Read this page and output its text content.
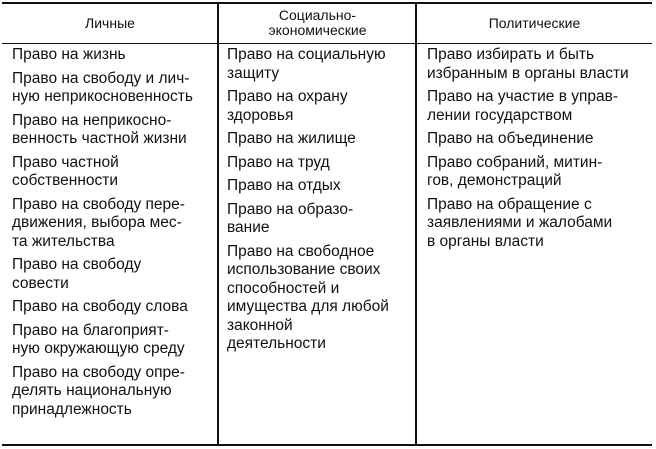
Личные	Социально-
экономические	Политические
Право на жизнь
Право на свободу и лич-
ную неприкосновенность
Право на неприкосно-
венность частной жизни
Право частной
собственности
Право на свободу пере-
движения, выбора мес-
та жительства
Право на свободу
совести
Право на свободу слова
Право на благоприят-
ную окружающую среду
Право на свободу опре-
делять национальную
принадлежность
Право на социальную
защиту
Право на охрану
здоровья
Право на жилище
Право на труд
Право на отдых
Право на образо-
вание
Право на свободное
использование своих
способностей и
имущества для любой
законной
деятельности
Право избирать и быть
избранным в органы власти
Право на участие в управ-
лении государством
Право на объединение
Право собраний, митин-
гов, демонстраций
Право на обращение с
заявлениями и жалобами
в органы власти
